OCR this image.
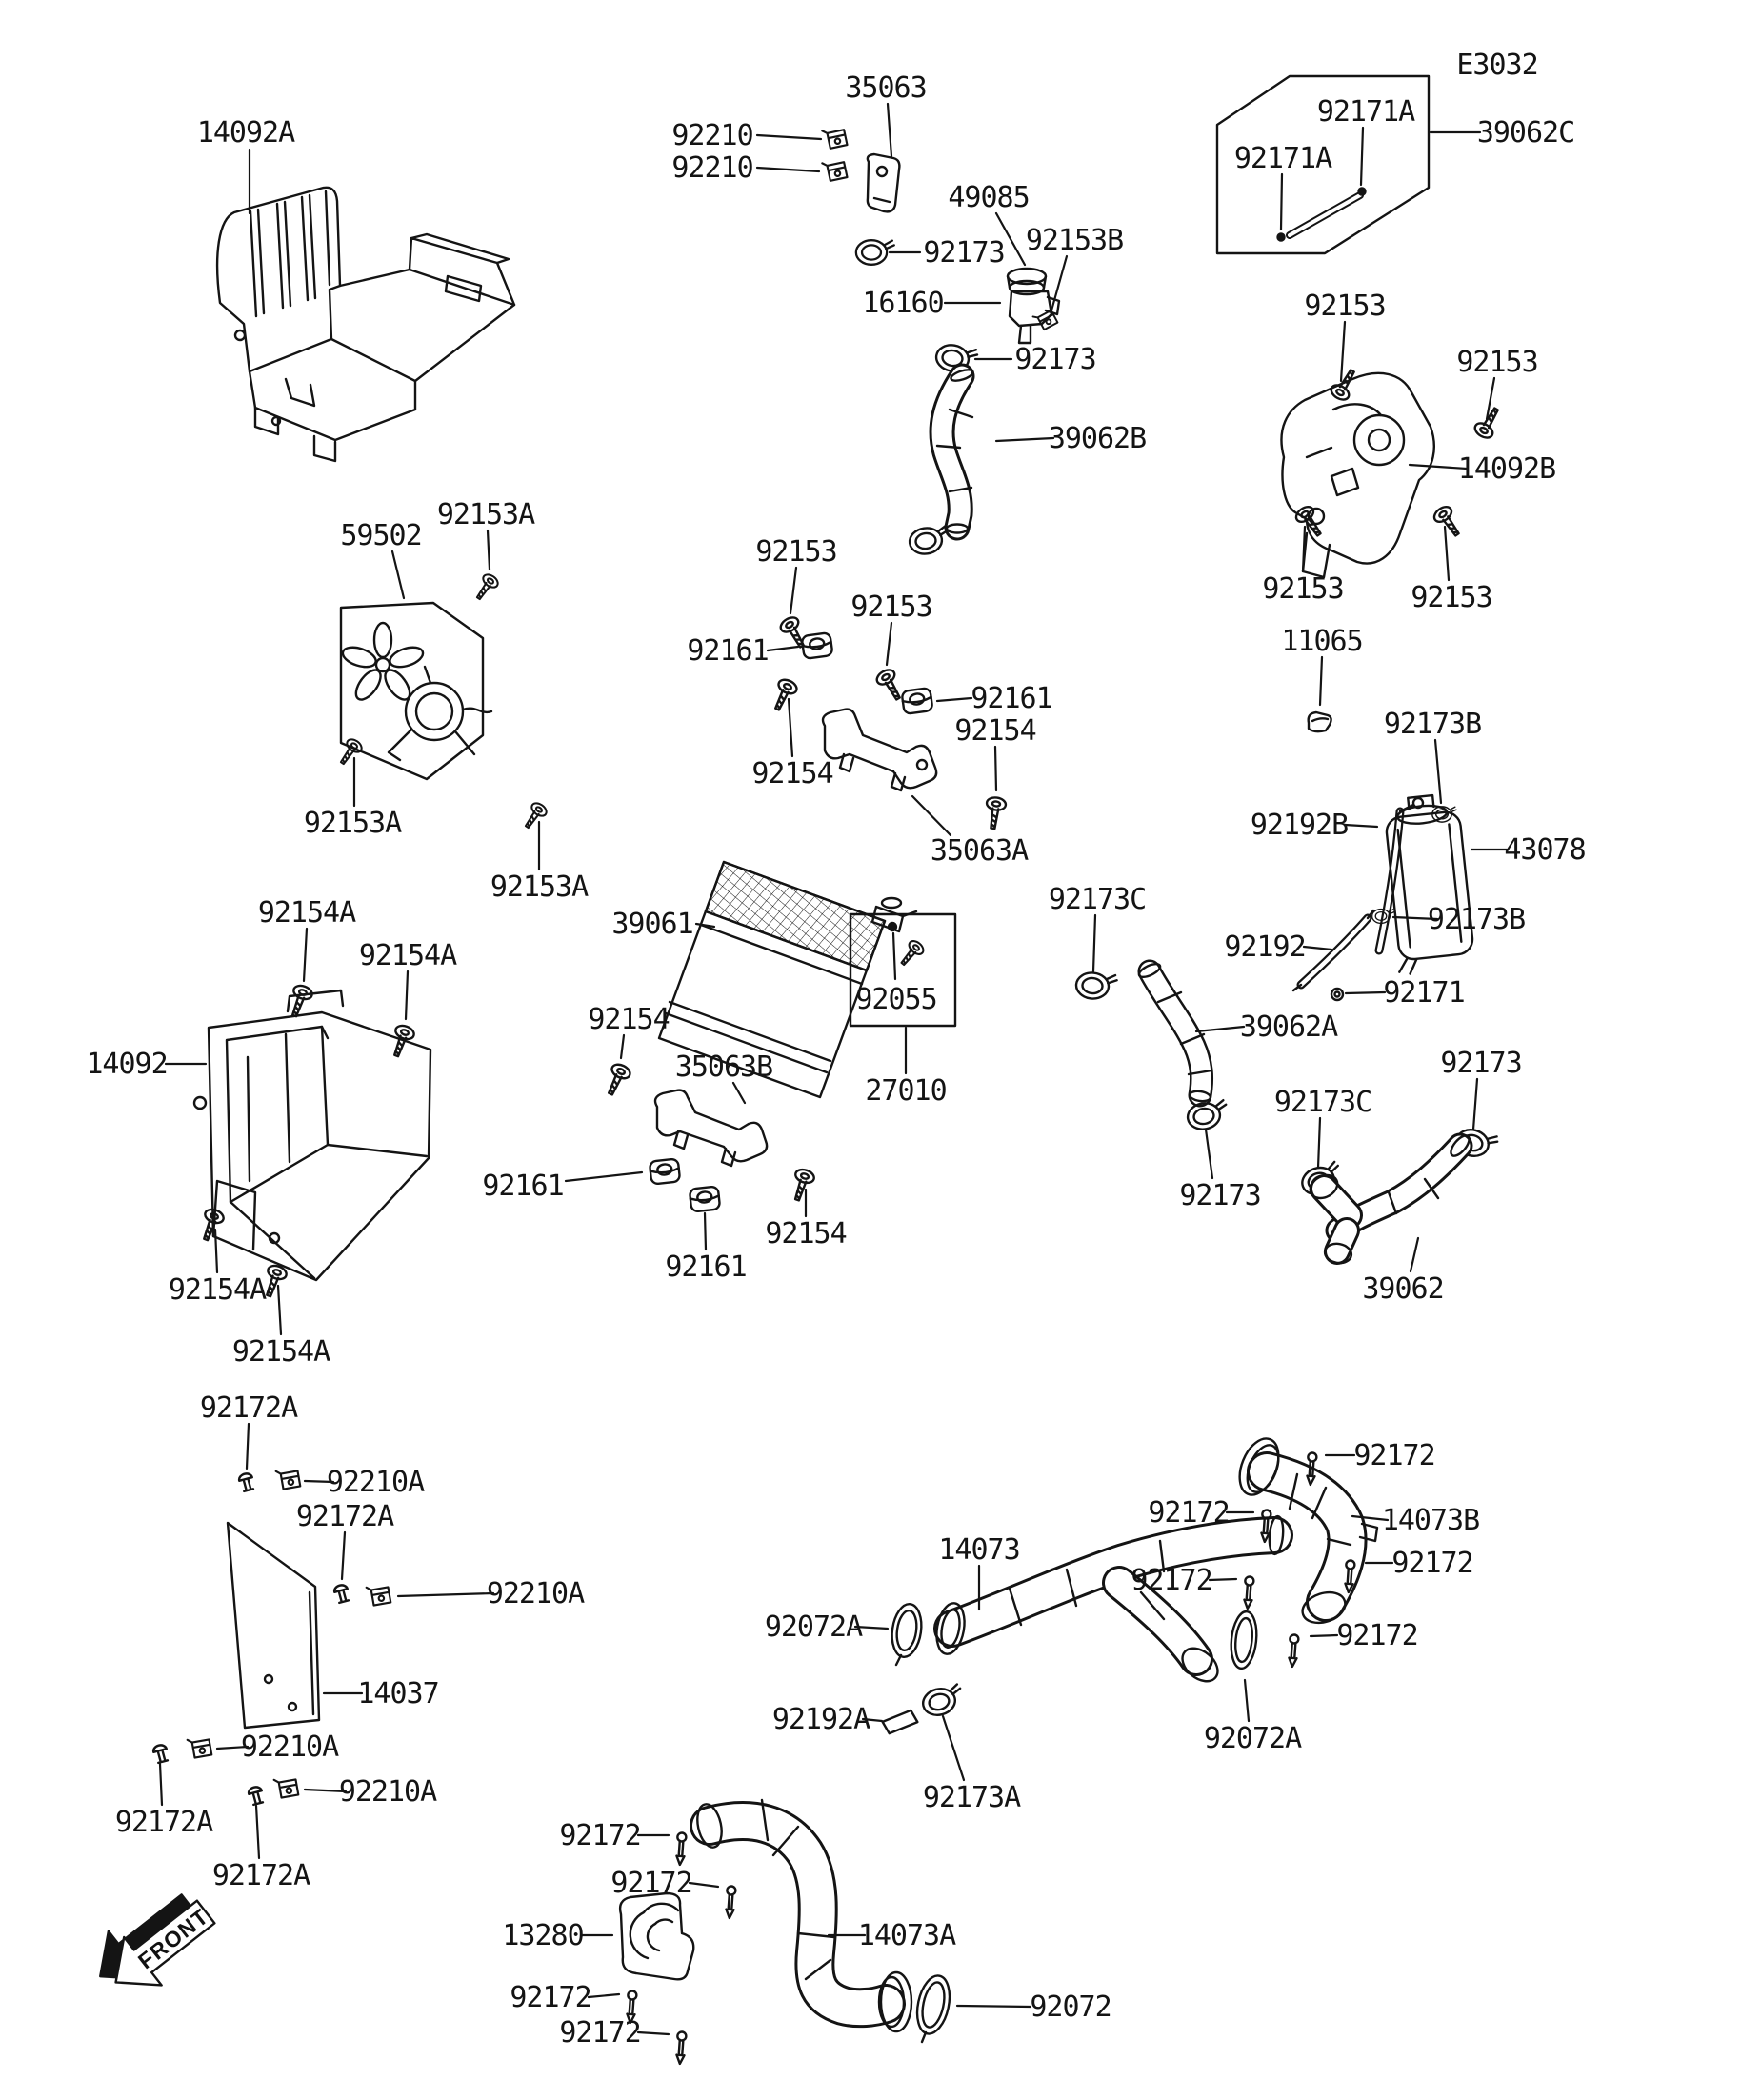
FRONT
14092A	92210
92210
35063
49085
92153B
16160
92173
92173
39062B
E3032
92171A
92171A
39062C
92153
92153
14092B
92153 92153
11065
92173B
92192B
43078
92173B
92192
92171
39062A
92173
92173C
92173
39062
92153A
59502
92153A
92153A
92153
92161
92153
92161
92154
92154
35063A
39061
92173C
92055
27010
92154
35063B
92161
92154
92161
14092
92154A
92154A
92154A
92154A
92172A
92210A
92172A
92210A
14037
92210A
92172A
92210A
92172A
92172
92172
13280
92172
92172
14073A
92072
92173A
92192A
92072A
14073
92172
92172	14073B
92172
92172
92172
92072A
